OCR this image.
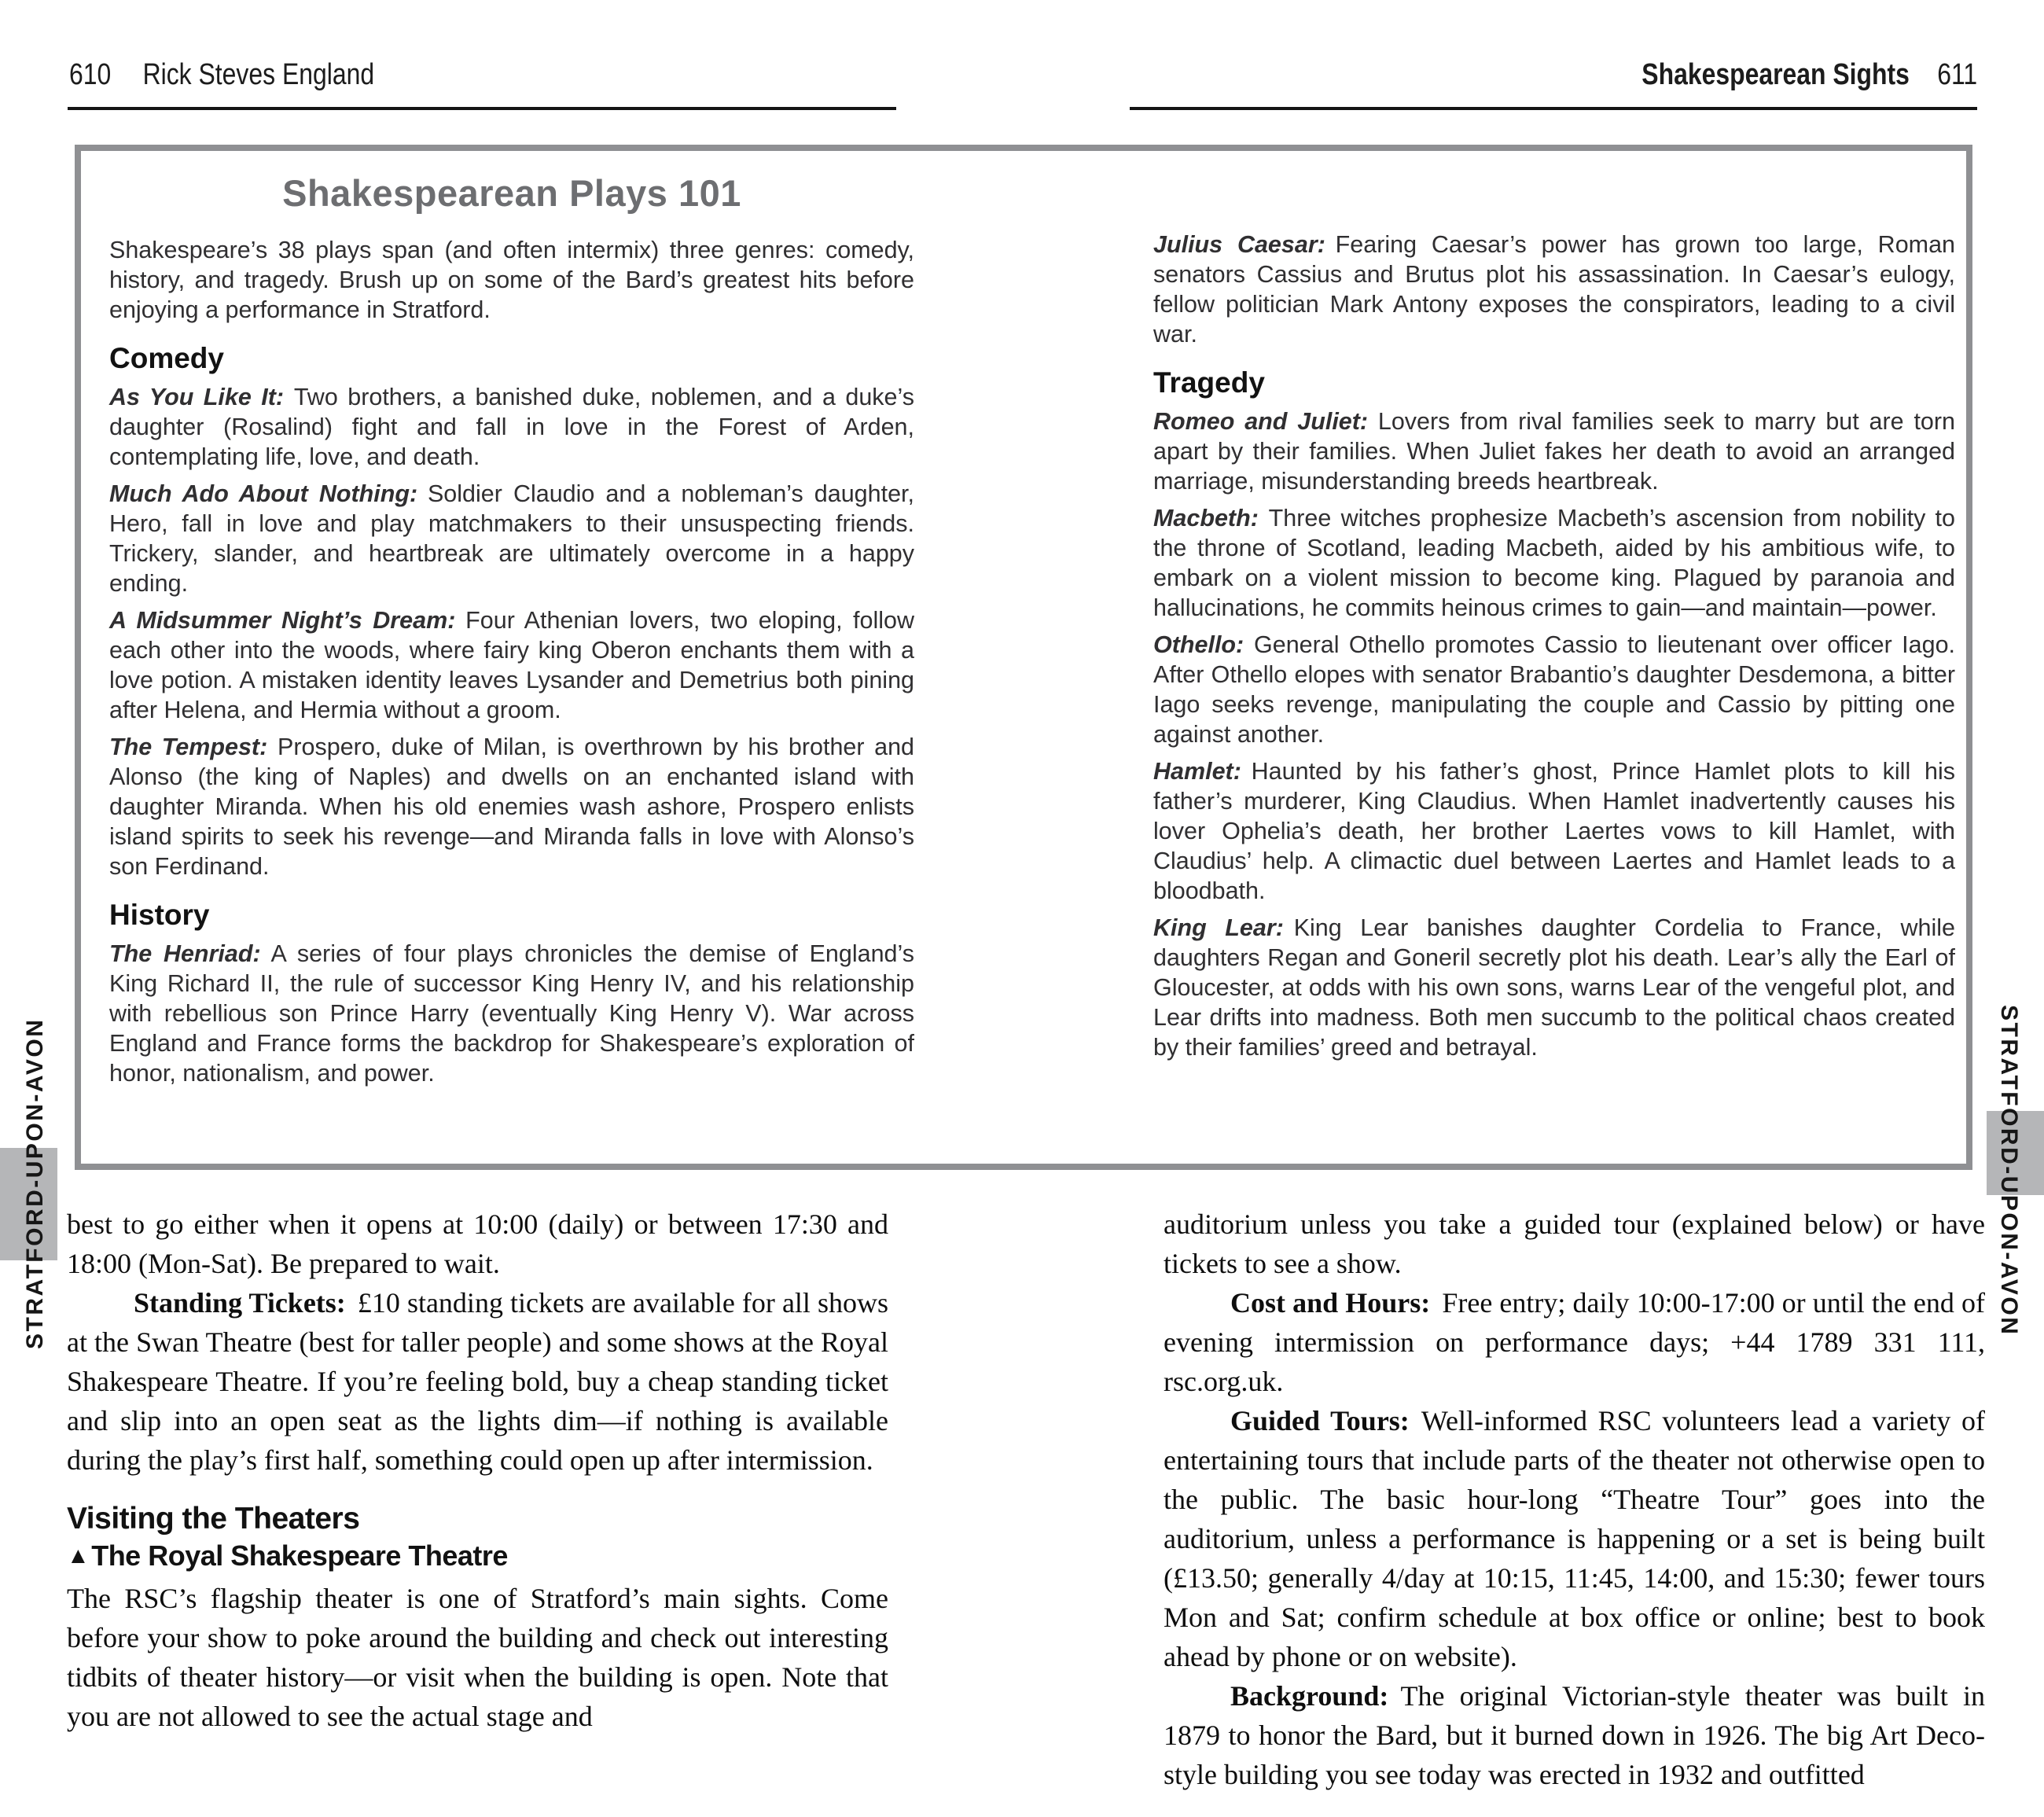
610 Rick Steves England	Shakespearean Sights 611
Shakespearean Plays 101

Shakespeare’s 38 plays span (and often intermix) three genres: comedy, history, and tragedy. Brush up on some of the Bard’s greatest hits before enjoying a performance in Stratford.

Comedy

As You Like It: Two brothers, a banished duke, noblemen, and a duke’s daughter (Rosalind) fight and fall in love in the Forest of Arden, contemplating life, love, and death.

Much Ado About Nothing: Soldier Claudio and a nobleman’s daughter, Hero, fall in love and play matchmakers to their unsuspecting friends. Trickery, slander, and heartbreak are ultimately overcome in a happy ending.

A Midsummer Night’s Dream: Four Athenian lovers, two eloping, follow each other into the woods, where fairy king Oberon enchants them with a love potion. A mistaken identity leaves Lysander and Demetrius both pining after Helena, and Hermia without a groom.

The Tempest: Prospero, duke of Milan, is overthrown by his brother and Alonso (the king of Naples) and dwells on an enchanted island with daughter Miranda. When his old enemies wash ashore, Prospero enlists island spirits to seek his revenge—and Miranda falls in love with Alonso’s son Ferdinand.

History

The Henriad: A series of four plays chronicles the demise of England’s King Richard II, the rule of successor King Henry IV, and his relationship with rebellious son Prince Harry (eventually King Henry V). War across England and France forms the backdrop for Shakespeare’s exploration of honor, nationalism, and power.

Julius Caesar: Fearing Caesar’s power has grown too large, Roman senators Cassius and Brutus plot his assassination. In Caesar’s eulogy, fellow politician Mark Antony exposes the conspirators, leading to a civil war.

Tragedy

Romeo and Juliet: Lovers from rival families seek to marry but are torn apart by their families. When Juliet fakes her death to avoid an arranged marriage, misunderstanding breeds heartbreak.

Macbeth: Three witches prophesize Macbeth’s ascension from nobility to the throne of Scotland, leading Macbeth, aided by his ambitious wife, to embark on a violent mission to become king. Plagued by paranoia and hallucinations, he commits heinous crimes to gain—and maintain—power.

Othello: General Othello promotes Cassio to lieutenant over officer Iago. After Othello elopes with senator Brabantio’s daughter Desdemona, a bitter Iago seeks revenge, manipulating the couple and Cassio by pitting one against another.

Hamlet: Haunted by his father’s ghost, Prince Hamlet plots to kill his father’s murderer, King Claudius. When Hamlet inadvertently causes his lover Ophelia’s death, her brother Laertes vows to kill Hamlet, with Claudius’ help. A climactic duel between Laertes and Hamlet leads to a bloodbath.

King Lear: King Lear banishes daughter Cordelia to France, while daughters Regan and Goneril secretly plot his death. Lear’s ally the Earl of Gloucester, at odds with his own sons, warns Lear of the vengeful plot, and Lear drifts into madness. Both men succumb to the political chaos created by their families’ greed and betrayal.

best to go either when it opens at 10:00 (daily) or between 17:30 and 18:00 (Mon-Sat). Be prepared to wait.

Standing Tickets: £10 standing tickets are available for all shows at the Swan Theatre (best for taller people) and some shows at the Royal Shakespeare Theatre. If you’re feeling bold, buy a cheap standing ticket and slip into an open seat as the lights dim—if nothing is available during the play’s first half, something could open up after intermission.

Visiting the Theaters
▲The Royal Shakespeare Theatre

The RSC’s flagship theater is one of Stratford’s main sights. Come before your show to poke around the building and check out interesting tidbits of theater history—or visit when the building is open. Note that you are not allowed to see the actual stage and

auditorium unless you take a guided tour (explained below) or have tickets to see a show.

Cost and Hours: Free entry; daily 10:00-17:00 or until the end of evening intermission on performance days; +44 1789 331 111, rsc.org.uk.

Guided Tours: Well-informed RSC volunteers lead a variety of entertaining tours that include parts of the theater not otherwise open to the public. The basic hour-long “Theatre Tour” goes into the auditorium, unless a performance is happening or a set is being built (£13.50; generally 4/day at 10:15, 11:45, 14:00, and 15:30; fewer tours Mon and Sat; confirm schedule at box office or online; best to book ahead by phone or on website).

Background: The original Victorian-style theater was built in 1879 to honor the Bard, but it burned down in 1926. The big Art Deco-style building you see today was erected in 1932 and outfitted

STRATFORD-UPON-AVON	STRATFORD-UPON-AVON
